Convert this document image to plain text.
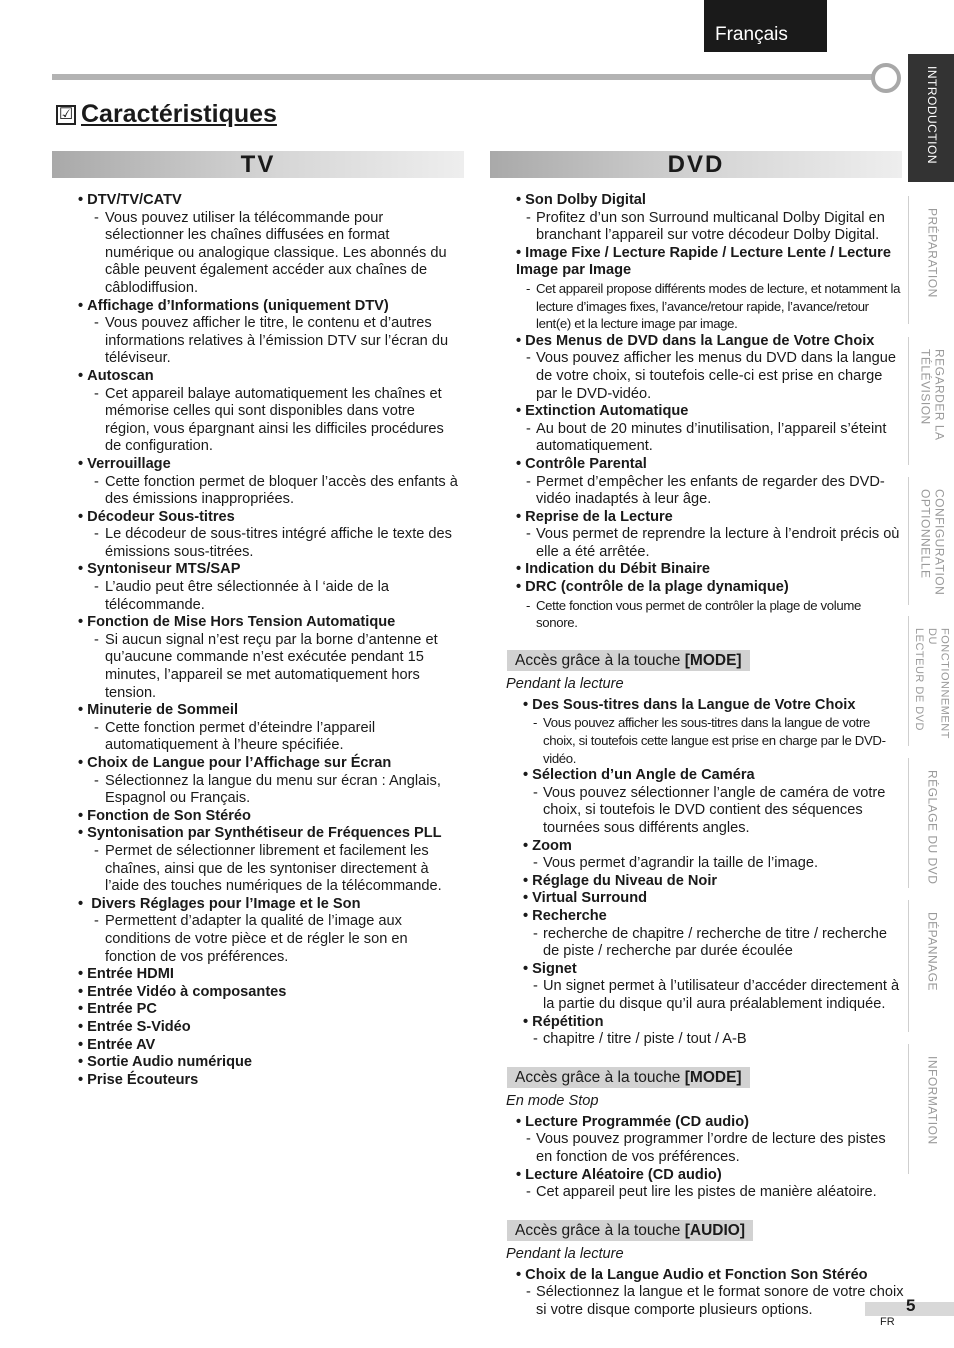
Français
INTRODUCTION
PRÉPARATION
REGARDER LA
TÉLÉVISION
CONFIGURATION
OPTIONNELLE
FONCTIONNEMENT DU
LECTEUR DE DVD
RÉGLAGE DU DVD
DÉPANNAGE
INFORMATION
☑ Caractéristiques
TV	DVD
• DTV/TV/CATV
- Vous pouvez utiliser la télécommande pour sélectionner les chaînes diffusées en format numérique ou analogique classique. Les abonnés du câble peuvent également accéder aux chaînes de câblodiffusion.
• Affichage d’Informations (uniquement DTV)
- Vous pouvez afficher le titre, le contenu et d’autres informations relatives à l’émission DTV sur l’écran du téléviseur.
• Autoscan
- Cet appareil balaye automatiquement les chaînes et mémorise celles qui sont disponibles dans votre région, vous épargnant ainsi les difficiles procédures de configuration.
• Verrouillage
- Cette fonction permet de bloquer l’accès des enfants à des émissions inappropriées.
• Décodeur Sous-titres
- Le décodeur de sous-titres intégré affiche le texte des émissions sous-titrées.
• Syntoniseur MTS/SAP
- L’audio peut être sélectionnée à l ‘aide de la télécommande.
• Fonction de Mise Hors Tension Automatique
- Si aucun signal n’est reçu par la borne d’antenne et qu’aucune commande n’est exécutée pendant 15 minutes, l’appareil se met automatiquement hors tension.
• Minuterie de Sommeil
- Cette fonction permet d’éteindre l’appareil automatiquement à l’heure spécifiée.
• Choix de Langue pour l’Affichage sur Écran
- Sélectionnez la langue du menu sur écran : Anglais, Espagnol ou Français.
• Fonction de Son Stéréo
• Syntonisation par Synthétiseur de Fréquences PLL
- Permet de sélectionner librement et facilement les chaînes, ainsi que de les syntoniser directement à l’aide des touches numériques de la télécommande.
•  Divers Réglages pour l’Image et le Son
- Permettent d’adapter la qualité de l’image aux conditions de votre pièce et de régler le son en fonction de vos préférences.
• Entrée HDMI
• Entrée Vidéo à composantes
• Entrée PC
• Entrée S-Vidéo
• Entrée AV
• Sortie Audio numérique
• Prise Écouteurs
• Son Dolby Digital
- Profitez d’un son Surround multicanal Dolby Digital en branchant l’appareil sur votre décodeur Dolby Digital.
• Image Fixe / Lecture Rapide / Lecture Lente / Lecture Image par Image
- Cet appareil propose différents modes de lecture, et notamment la lecture d’images fixes, l’avance/retour rapide, l’avance/retour lent(e) et la lecture image par image.
• Des Menus de DVD dans la Langue de Votre Choix
- Vous pouvez afficher les menus du DVD dans la langue de votre choix, si toutefois celle-ci est prise en charge par le DVD-vidéo.
• Extinction Automatique
- Au bout de 20 minutes d’inutilisation, l’appareil s’éteint automatiquement.
• Contrôle Parental
- Permet d’empêcher les enfants de regarder des DVD-vidéo inadaptés à leur âge.
• Reprise de la Lecture
- Vous permet de reprendre la lecture à l’endroit précis où elle a été arrêtée.
• Indication du Débit Binaire
• DRC (contrôle de la plage dynamique)
- Cette fonction vous permet de contrôler la plage de volume sonore.
Accès grâce à la touche [MODE]
Pendant la lecture
• Des Sous-titres dans la Langue de Votre Choix
- Vous pouvez afficher les sous-titres dans la langue de votre choix, si toutefois cette langue est prise en charge par le DVD-vidéo.
• Sélection d’un Angle de Caméra
- Vous pouvez sélectionner l’angle de caméra de votre choix, si toutefois le DVD contient des séquences tournées sous différents angles.
• Zoom
- Vous permet d’agrandir la taille de l’image.
• Réglage du Niveau de Noir
• Virtual Surround
• Recherche
- recherche de chapitre / recherche de titre / recherche de piste / recherche par durée écoulée
• Signet
- Un signet permet à l’utilisateur d’accéder directement à la partie du disque qu’il aura préalablement indiquée.
• Répétition
- chapitre / titre / piste / tout / A-B
Accès grâce à la touche [MODE]
En mode Stop
• Lecture Programmée (CD audio)
- Vous pouvez programmer l’ordre de lecture des pistes en fonction de vos préférences.
• Lecture Aléatoire (CD audio)
- Cet appareil peut lire les pistes de manière aléatoire.
Accès grâce à la touche [AUDIO]
Pendant la lecture
• Choix de la Langue Audio et Fonction Son Stéréo
- Sélectionnez la langue et le format sonore de votre choix si votre disque comporte plusieurs options.	5
FR
